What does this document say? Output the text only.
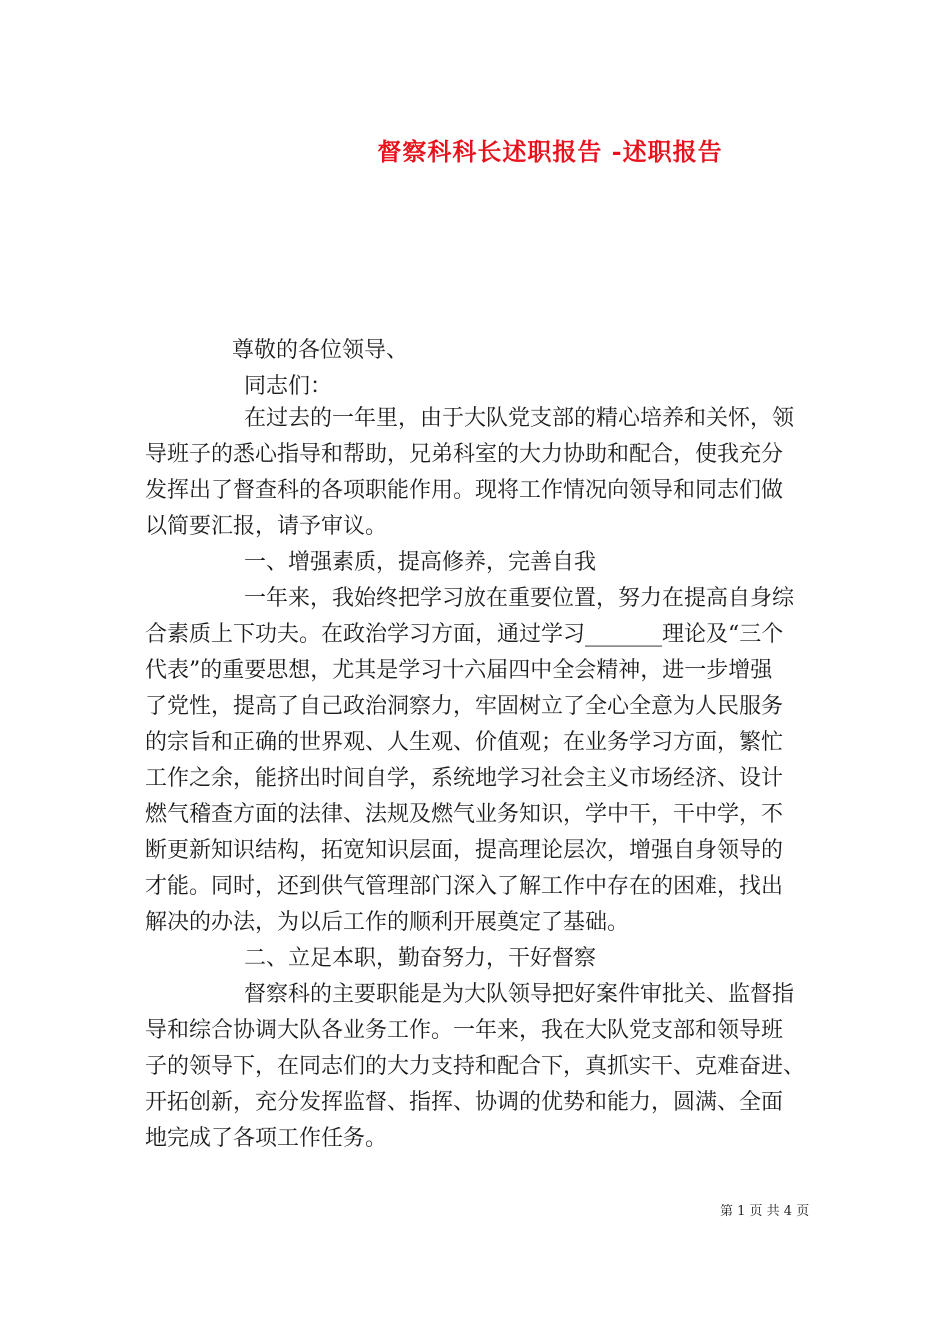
督察科科长述职报告 -述职报告
尊敬的各位领导、
同志们：
在过去的一年里，由于大队党支部的精心培养和关怀，领
导班子的悉心指导和帮助，兄弟科室的大力协助和配合，使我充分
发挥出了督查科的各项职能作用。现将工作情况向领导和同志们做
以简要汇报，请予审议。
一、增强素质，提高修养，完善自我
一年来，我始终把学习放在重要位置，努力在提高自身综
合素质上下功夫。在政治学习方面，通过学习_______理论及“三个
代表”的重要思想，尤其是学习十六届四中全会精神，进一步增强
了党性，提高了自己政治洞察力，牢固树立了全心全意为人民服务
的宗旨和正确的世界观、人生观、价值观；在业务学习方面，繁忙
工作之余，能挤出时间自学，系统地学习社会主义市场经济、设计
燃气稽查方面的法律、法规及燃气业务知识，学中干，干中学，不
断更新知识结构，拓宽知识层面，提高理论层次，增强自身领导的
才能。同时，还到供气管理部门深入了解工作中存在的困难，找出
解决的办法，为以后工作的顺利开展奠定了基础。
二、立足本职，勤奋努力，干好督察
督察科的主要职能是为大队领导把好案件审批关、监督指
导和综合协调大队各业务工作。一年来，我在大队党支部和领导班
子的领导下，在同志们的大力支持和配合下，真抓实干、克难奋进、
开拓创新，充分发挥监督、指挥、协调的优势和能力，圆满、全面
地完成了各项工作任务。
第 1 页 共 4 页
